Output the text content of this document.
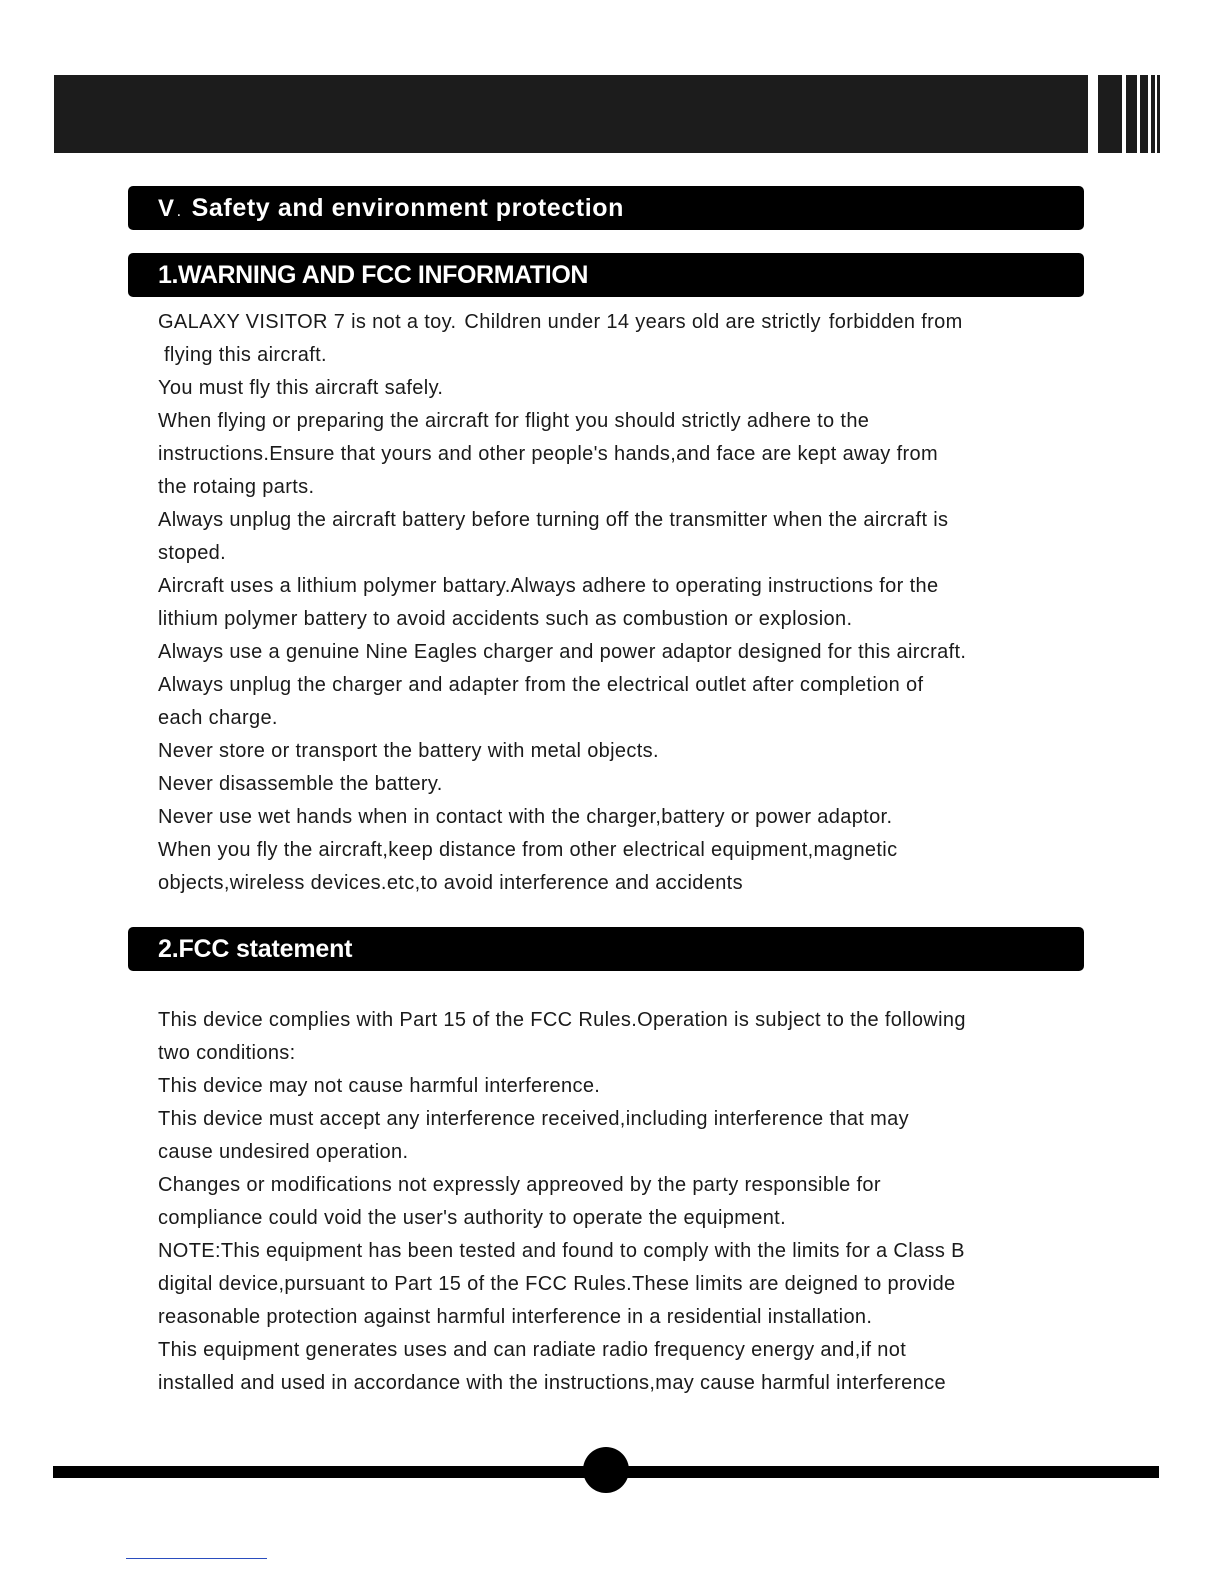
V . Safety and environment protection
1.WARNING AND FCC INFORMATION
GALAXY VISITOR 7 is not a toy. Children under 14 years old are strictly forbidden from
flying this aircraft.
You must fly this aircraft safely.
When flying or preparing the aircraft for flight you should strictly adhere to the
instructions.Ensure that yours and other people's hands,and face are kept away from
the rotaing parts.
Always unplug the aircraft battery before turning off the transmitter when the aircraft is
stoped.
Aircraft uses a lithium polymer battary.Always adhere to operating instructions for the
lithium polymer battery to avoid accidents such as combustion or explosion.
Always use a genuine Nine Eagles charger and power adaptor designed for this aircraft.
Always unplug the charger and adapter from the electrical outlet after completion of
each charge.
Never store or transport the battery with metal objects.
Never disassemble the battery.
Never use wet hands when in contact with the charger,battery or power adaptor.
When you fly the aircraft,keep distance from other electrical equipment,magnetic
objects,wireless devices.etc,to avoid interference and accidents
2.FCC statement
This device complies with Part 15 of the FCC Rules.Operation is subject to the following
two conditions:
This device may not cause harmful interference.
This device must accept any interference received,including interference that may
cause undesired operation.
Changes or modifications not expressly appreoved by the party responsible for
compliance could void the user's authority to operate the equipment.
NOTE:This equipment has been tested and found to comply with the limits for a Class B
digital device,pursuant to Part 15 of the FCC Rules.These limits are deigned to provide
reasonable protection against harmful interference in a residential installation.
This equipment generates uses and can radiate radio frequency energy and,if not
installed and used in accordance with the instructions,may cause harmful interference
